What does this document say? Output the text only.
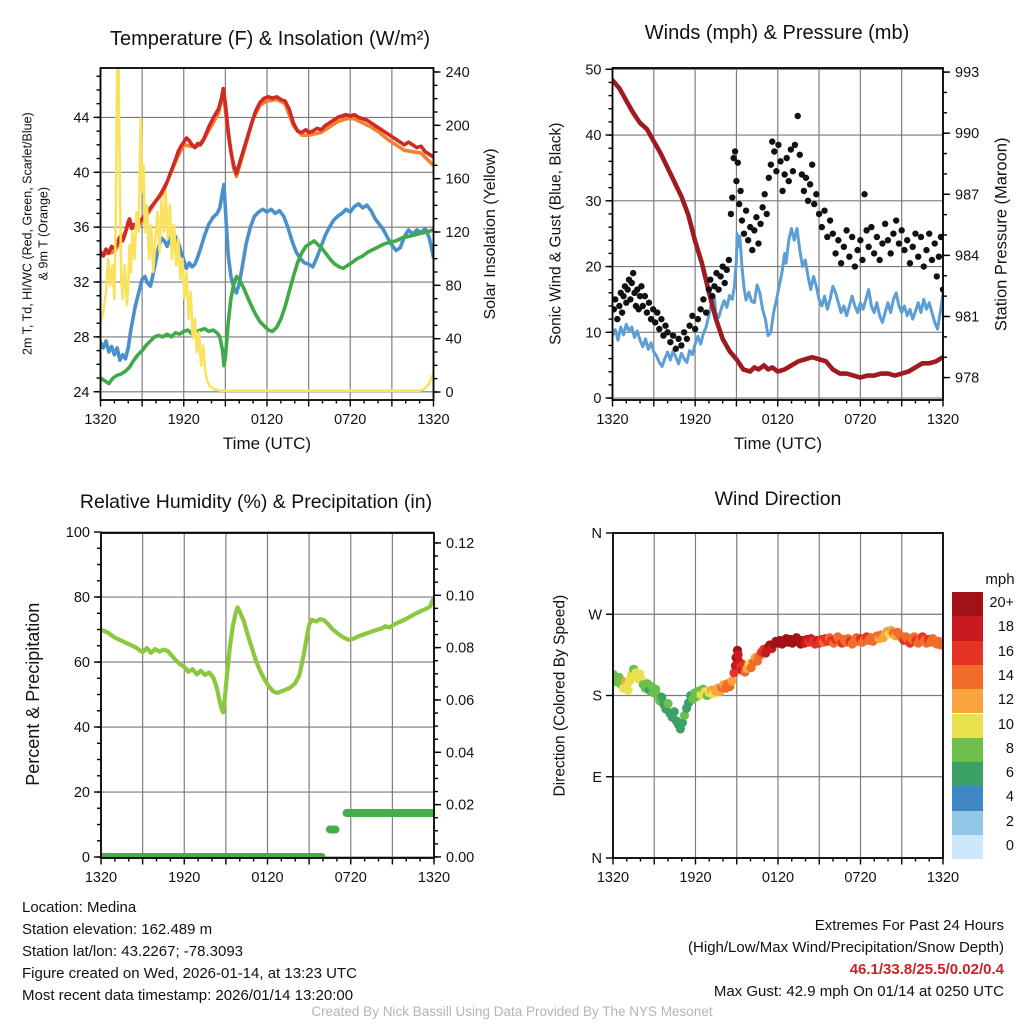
1320	1920	0120	0720	1320
24
28
32
36
40
44
0
40
80
120
160
200
240
1320	1920	0120	0720	1320
0
10
20
30
40
50
978
981
984
987
990
993
1320	1920	0120	0720	1320
0
20
40
60
80
100
0.00
0.02
0.04
0.06
0.08
0.10
0.12
1320	1920	0120	0720	1320
N
W
S
E
N
Temperature (F) & Insolation (W/m²)	Winds (mph) & Pressure (mb)
Relative Humidity (%) & Precipitation (in)	Wind Direction
2m T, Td, HI/WC (Red, Green, Scarlet/Blue) & 9m T (Orange)	Solar Insolation (Yellow)	Sonic Wind & Gust (Blue, Black)	Station Pressure (Maroon)
Percent & Precipitation	Direction (Colored By Speed)
Time (UTC)	Time (UTC)
mph
20+
18
16
14
12
10
8
6
4
2
0
Location: Medina
Station elevation: 162.489 m
Station lat/lon: 43.2267; -78.3093
Figure created on Wed, 2026-01-14, at 13:23 UTC
Most recent data timestamp: 2026/01/14 13:20:00
Extremes For Past 24 Hours
(High/Low/Max Wind/Precipitation/Snow Depth)
46.1/33.8/25.5/0.02/0.4
Max Gust: 42.9 mph On 01/14 at 0250 UTC
Created By Nick Bassill Using Data Provided By The NYS Mesonet
